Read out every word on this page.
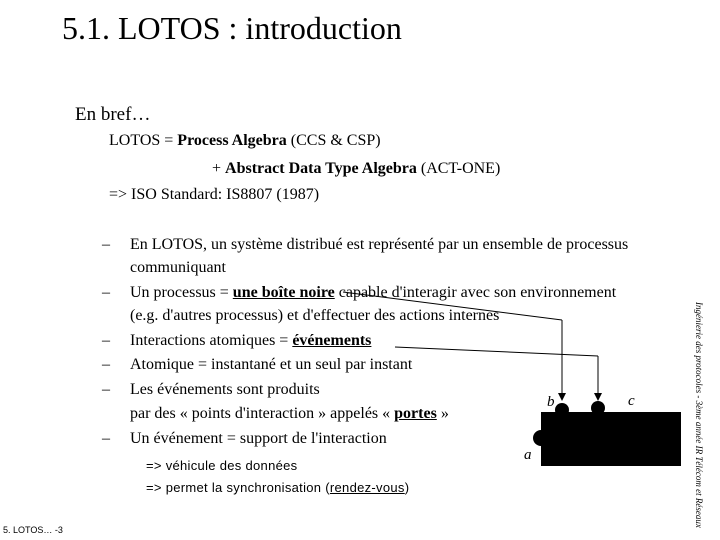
5.1. LOTOS : introduction
En bref…
LOTOS = Process Algebra (CCS & CSP)
+ Abstract Data Type Algebra (ACT-ONE)
=> ISO Standard: IS8807 (1987)
– En LOTOS, un système distribué est représenté par un ensemble de processus
communiquant
– Un processus = une boîte noire capable d'interagir avec son environnement
(e.g. d'autres processus) et d'effectuer des actions internes
– Interactions atomiques = événements
– Atomique = instantané et un seul par instant
– Les événements sont produits
par des « points d'interaction » appelés « portes »
– Un événement = support de l'interaction
=> véhicule des données
=> permet la synchronisation (rendez-vous)
a
b	c	Ingénierie des protocoles - 3ème année IR Télécom et Réseaux
5. LOTOS… -3
